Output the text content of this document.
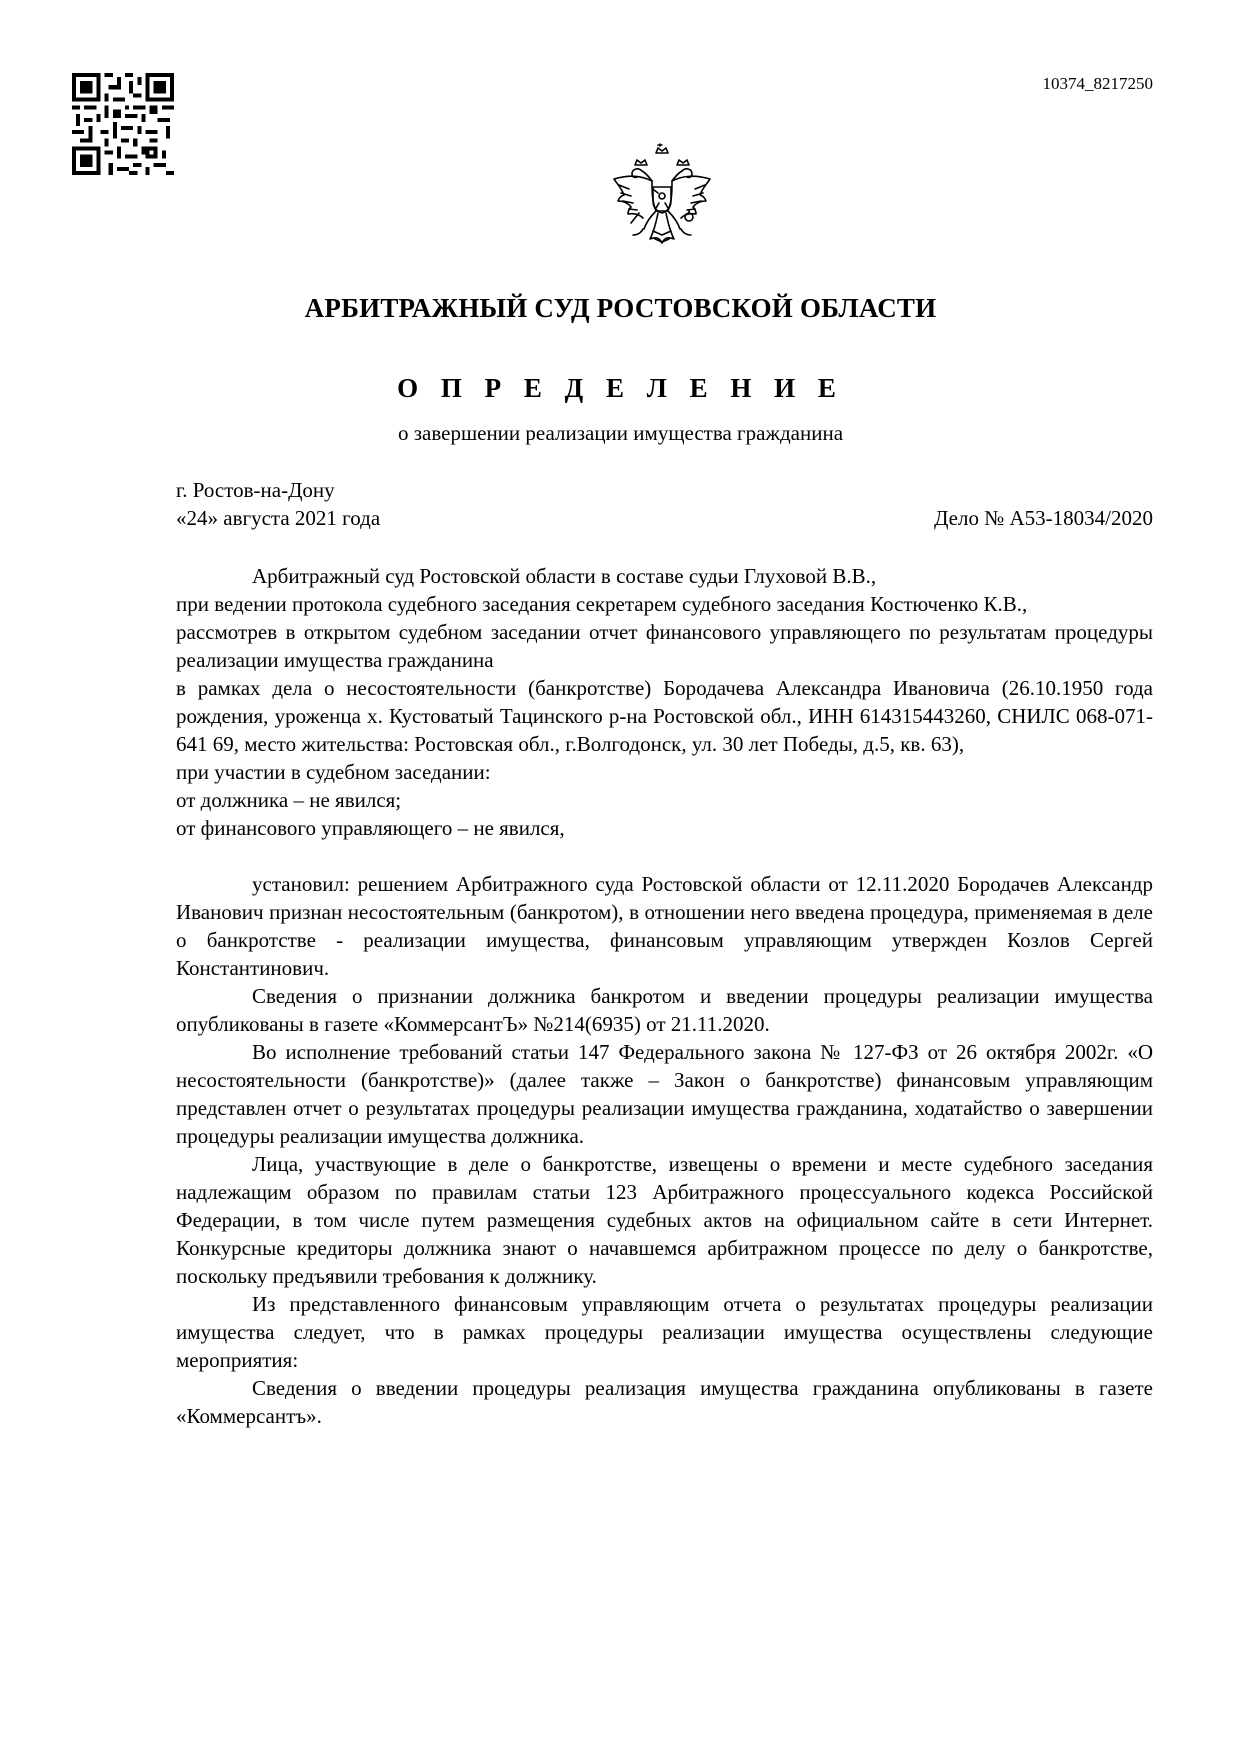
10374_8217250
АРБИТРАЖНЫЙ СУД РОСТОВСКОЙ ОБЛАСТИ
О П Р Е Д Е Л Е Н И Е
о завершении реализации имущества гражданина
г. Ростов-на-Дону
«24» августа 2021 года	Дело № А53-18034/2020

Арбитражный суд Ростовской области в составе судьи Глуховой В.В.,

при ведении протокола судебного заседания секретарем судебного заседания Костюченко К.В.,

рассмотрев в открытом судебном заседании отчет финансового управляющего по результатам процедуры реализации имущества гражданина

в рамках дела о несостоятельности (банкротстве) Бородачева Александра Ивановича (26.10.1950 года рождения, уроженца х. Кустоватый Тацинского р-на Ростовской обл., ИНН 614315443260, СНИЛС 068-071-641 69, место жительства: Ростовская обл., г.Волгодонск, ул. 30 лет Победы, д.5, кв. 63),

при участии в судебном заседании:

от должника – не явился;

от финансового управляющего – не явился,

установил: решением Арбитражного суда Ростовской области от 12.11.2020 Бородачев Александр Иванович признан несостоятельным (банкротом), в отношении него введена процедура, применяемая в деле о банкротстве - реализации имущества, финансовым управляющим утвержден Козлов Сергей Константинович.

Сведения о признании должника банкротом и введении процедуры реализации имущества опубликованы в газете «КоммерсантЪ» №214(6935) от 21.11.2020.

Во исполнение требований статьи 147 Федерального закона № 127-ФЗ от 26 октября 2002г. «О несостоятельности (банкротстве)» (далее также – Закон о банкротстве) финансовым управляющим представлен отчет о результатах процедуры реализации имущества гражданина, ходатайство о завершении процедуры реализации имущества должника.

Лица, участвующие в деле о банкротстве, извещены о времени и месте судебного заседания надлежащим образом по правилам статьи 123 Арбитражного процессуального кодекса Российской Федерации, в том числе путем размещения судебных актов на официальном сайте в сети Интернет. Конкурсные кредиторы должника знают о начавшемся арбитражном процессе по делу о банкротстве, поскольку предъявили требования к должнику.

Из представленного финансовым управляющим отчета о результатах процедуры реализации имущества следует, что в рамках процедуры реализации имущества осуществлены следующие мероприятия:

Сведения о введении процедуры реализация имущества гражданина опубликованы в газете «Коммерсантъ».
